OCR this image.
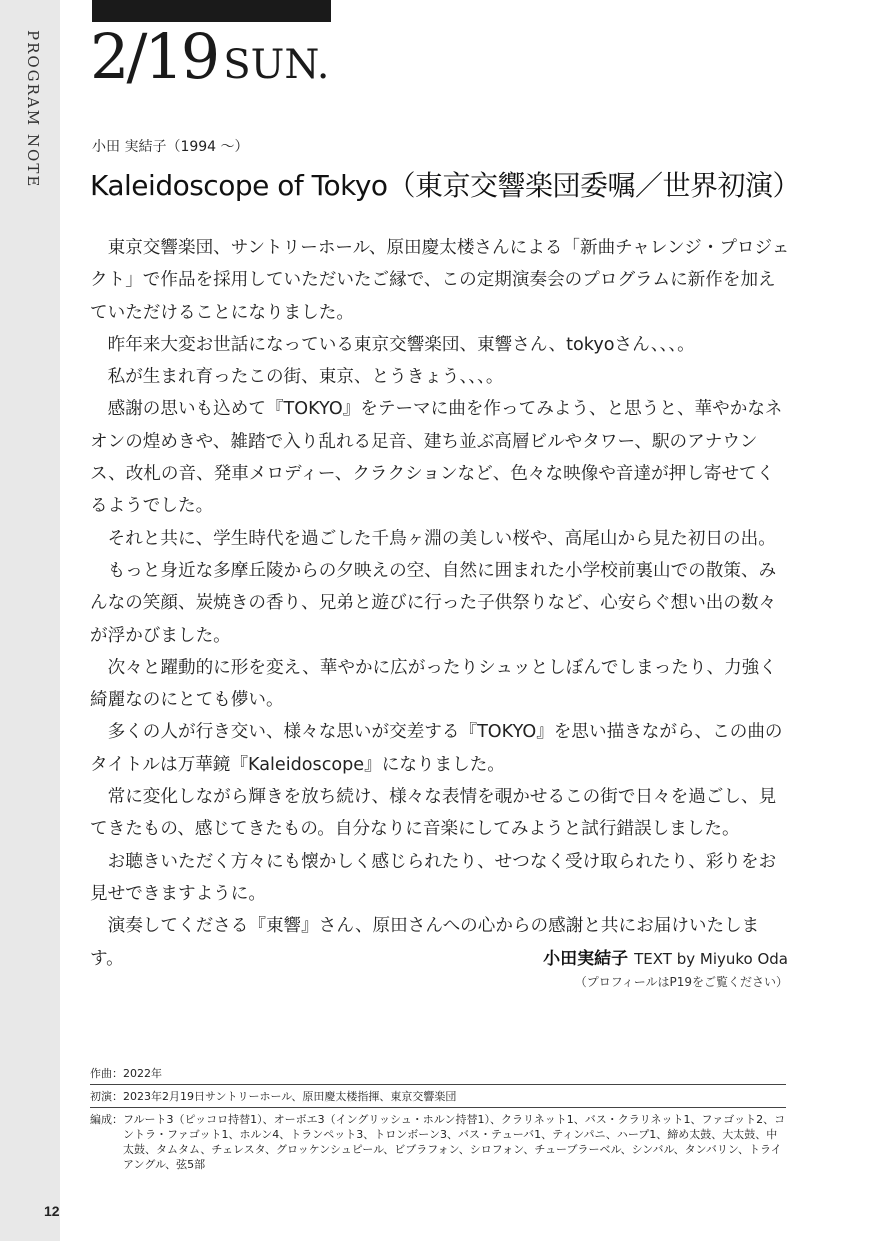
PROGRAM NOTE
12
2/19 SUN.
小田 実結子（1994 ～）
Kaleidoscope of Tokyo（東京交響楽団委嘱／世界初演）

東京交響楽団、サントリーホール、原田慶太楼さんによる「新曲チャレンジ・プロジェクト」で作品を採用していただいたご縁で、この定期演奏会のプログラムに新作を加えていただけることになりました。

昨年来大変お世話になっている東京交響楽団、東響さん、tokyoさん、、、。

私が生まれ育ったこの街、東京、とうきょう、、、。

感謝の思いも込めて『TOKYO』をテーマに曲を作ってみよう、と思うと、華やかなネオンの煌めきや、雑踏で入り乱れる足音、建ち並ぶ高層ビルやタワー、駅のアナウンス、改札の音、発車メロディー、クラクションなど、色々な映像や音達が押し寄せてくるようでした。

それと共に、学生時代を過ごした千鳥ヶ淵の美しい桜や、高尾山から見た初日の出。

もっと身近な多摩丘陵からの夕映えの空、自然に囲まれた小学校前裏山での散策、みんなの笑顔、炭焼きの香り、兄弟と遊びに行った子供祭りなど、心安らぐ想い出の数々が浮かびました。

次々と躍動的に形を変え、華やかに広がったりシュッとしぼんでしまったり、力強く綺麗なのにとても儚い。

多くの人が行き交い、様々な思いが交差する『TOKYO』を思い描きながら、この曲のタイトルは万華鏡『Kaleidoscope』になりました。

常に変化しながら輝きを放ち続け、様々な表情を覗かせるこの街で日々を過ごし、見てきたもの、感じてきたもの。自分なりに音楽にしてみようと試行錯誤しました。

お聴きいただく方々にも懐かしく感じられたり、せつなく受け取られたり、彩りをお見せできますように。

演奏してくださる『東響』さん、原田さんへの心からの感謝と共にお届けいたします。	小田実結子 TEXT by Miyuko Oda
（プロフィールはP19をご覧ください）
作曲：2022年
初演：2023年2月19日サントリーホール、原田慶太楼指揮、東京交響楽団
編成： フルート3（ピッコロ持替1）、オーボエ3（イングリッシュ・ホルン持替1）、クラリネット1、バス・クラリネット1、ファゴット2、コントラ・ファゴット1、ホルン4、トランペット3、トロンボーン3、バス・テューバ1、ティンパニ、ハープ1、締め太鼓、大太鼓、中太鼓、タムタム、チェレスタ、グロッケンシュピール、ビブラフォン、シロフォン、チューブラーベル、シンバル、タンバリン、トライアングル、弦5部
